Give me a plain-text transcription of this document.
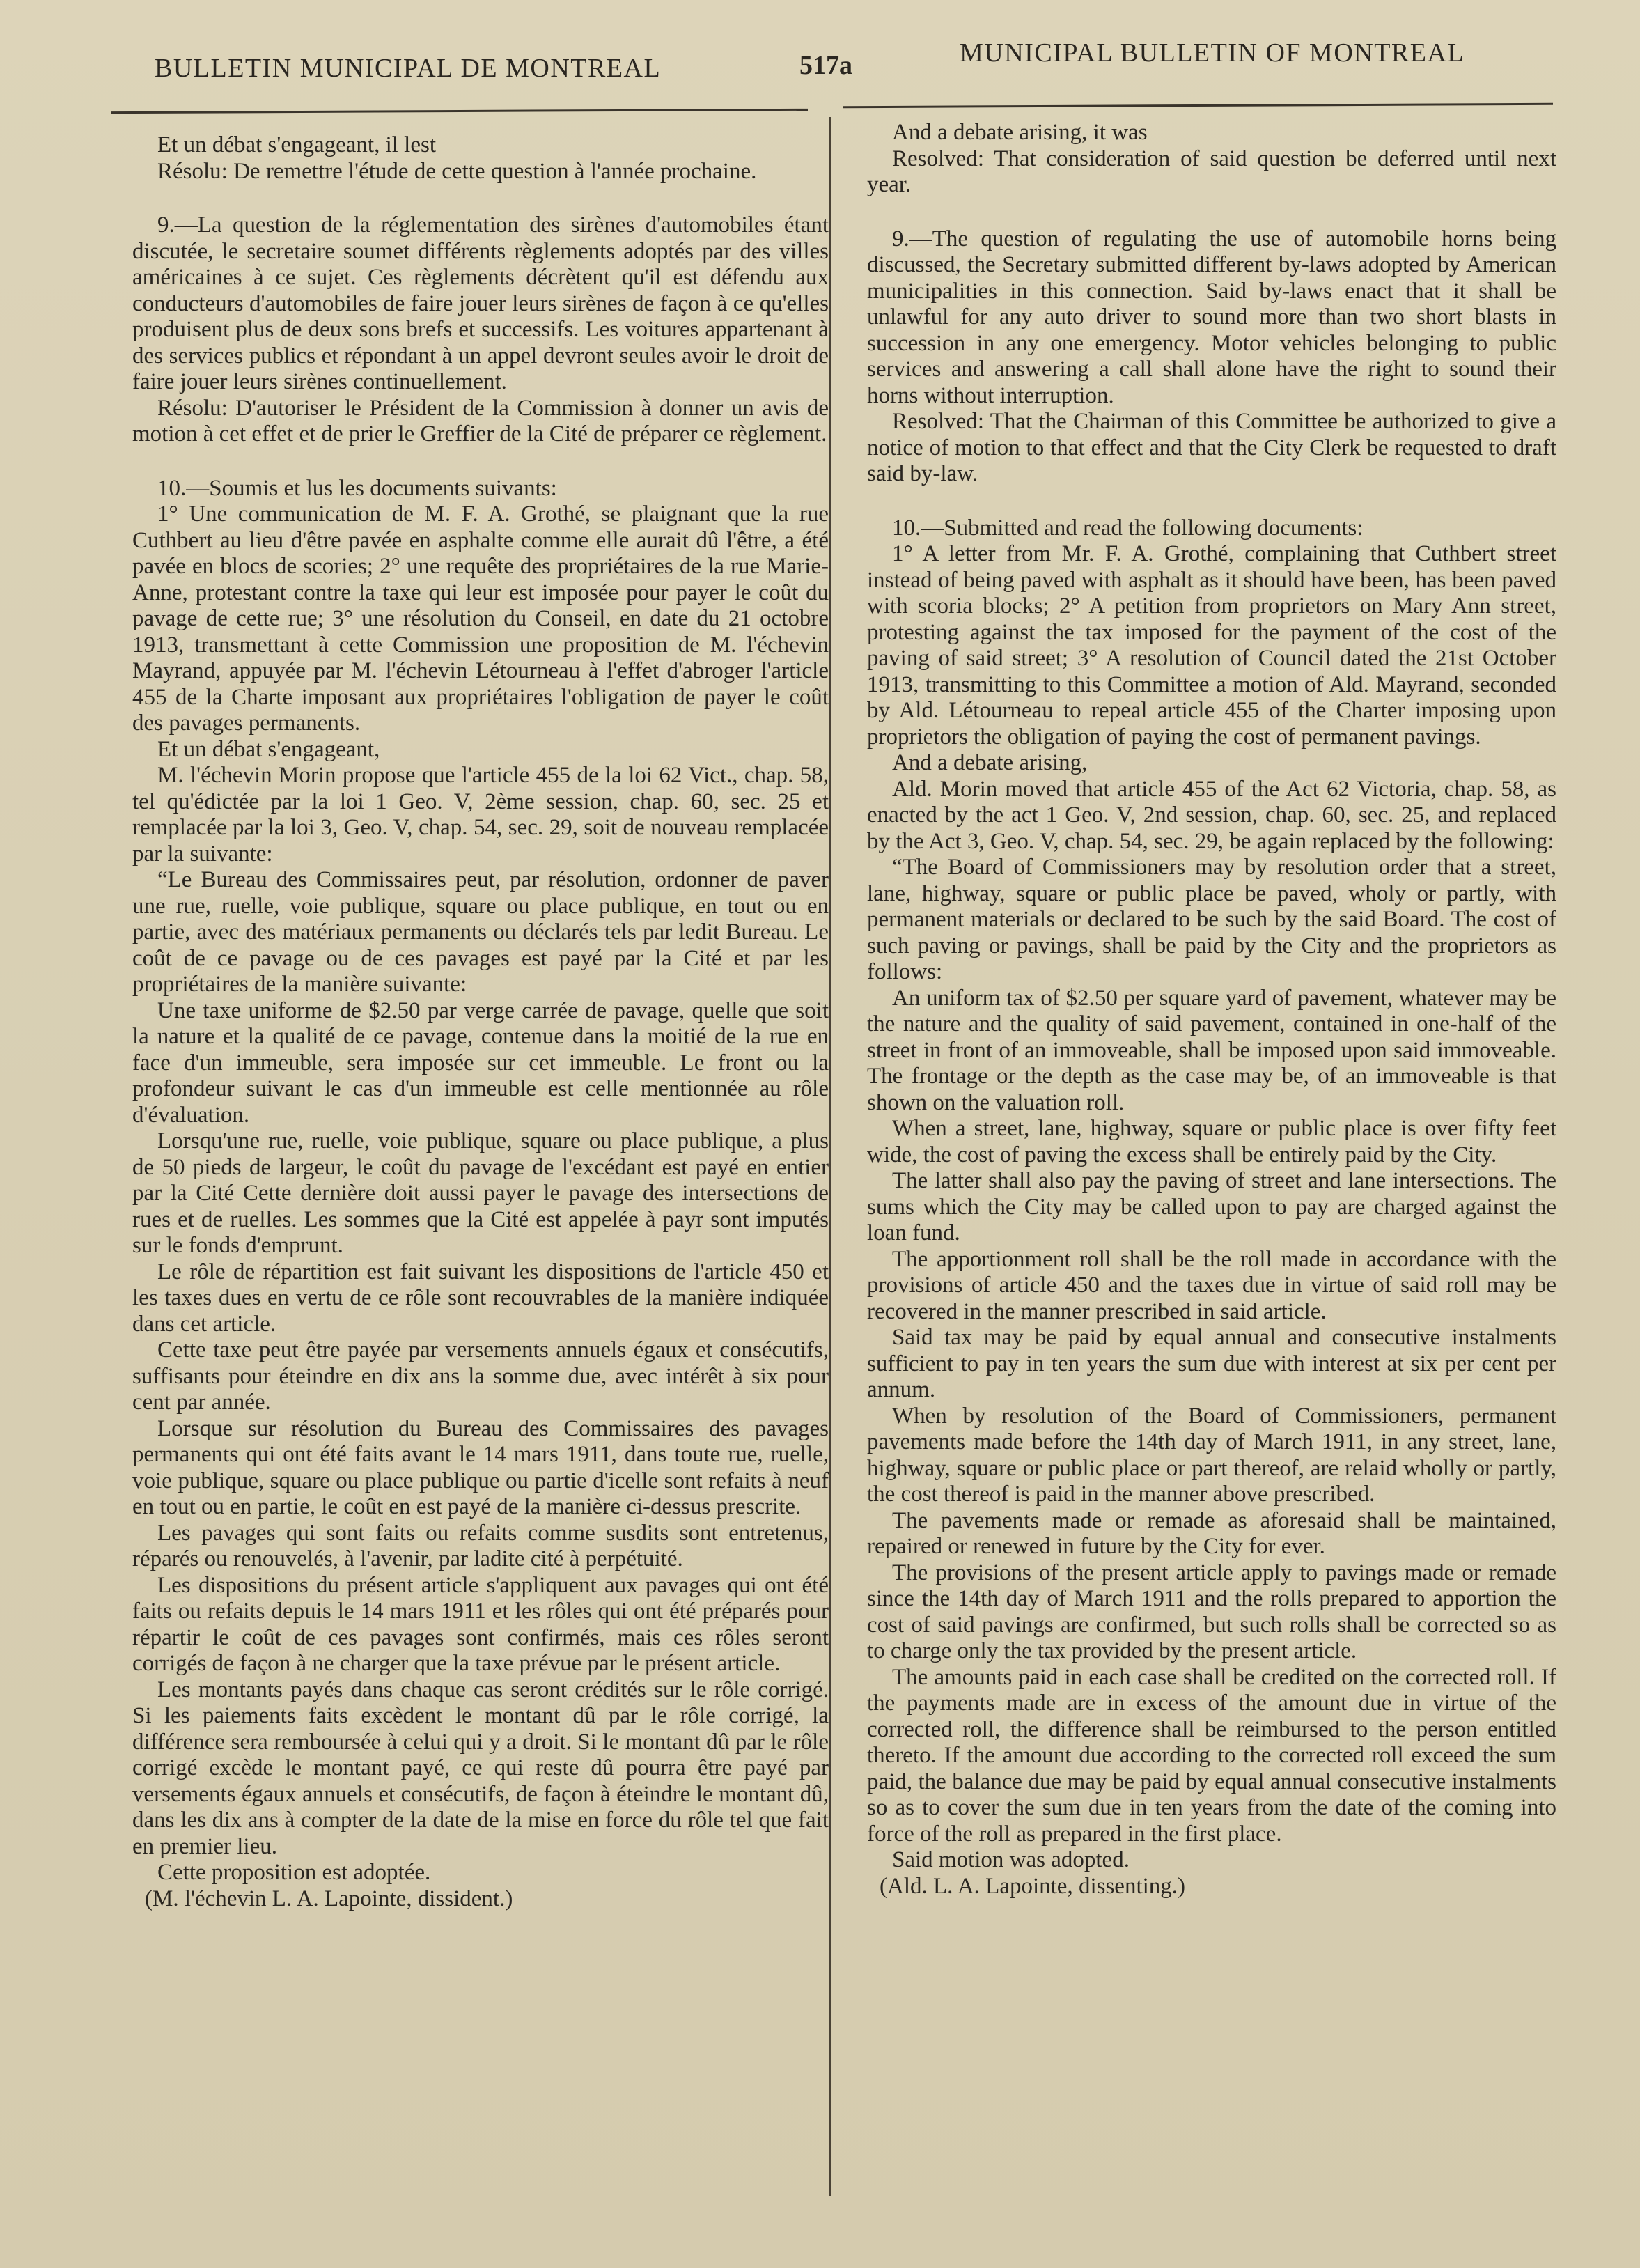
BULLETIN MUNICIPAL DE MONTREAL	517a	MUNICIPAL BULLETIN OF MONTREAL

Et un débat s'engageant, il lest

Résolu: De remettre l'étude de cette question à l'année prochaine.

9.—La question de la réglementation des sirènes d'automobiles étant discutée, le secretaire soumet différents règlements adoptés par des villes américaines à ce sujet. Ces règlements décrètent qu'il est défendu aux conducteurs d'automobiles de faire jouer leurs sirènes de façon à ce qu'elles produisent plus de deux sons brefs et successifs. Les voitures appartenant à des services publics et répondant à un appel devront seules avoir le droit de faire jouer leurs sirènes continuellement.

Résolu: D'autoriser le Président de la Commission à donner un avis de motion à cet effet et de prier le Greffier de la Cité de préparer ce règlement.

10.—Soumis et lus les documents suivants:

1° Une communication de M. F. A. Grothé, se plaignant que la rue Cuthbert au lieu d'être pavée en asphalte comme elle aurait dû l'être, a été pavée en blocs de scories; 2° une requête des propriétaires de la rue Marie-Anne, protestant contre la taxe qui leur est imposée pour payer le coût du pavage de cette rue; 3° une résolution du Conseil, en date du 21 octobre 1913, transmettant à cette Commission une proposition de M. l'échevin Mayrand, appuyée par M. l'échevin Létourneau à l'effet d'abroger l'article 455 de la Charte imposant aux propriétaires l'obligation de payer le coût des pavages permanents.

Et un débat s'engageant,

M. l'échevin Morin propose que l'article 455 de la loi 62 Vict., chap. 58, tel qu'édictée par la loi 1 Geo. V, 2ème session, chap. 60, sec. 25 et remplacée par la loi 3, Geo. V, chap. 54, sec. 29, soit de nouveau remplacée par la suivante:

“Le Bureau des Commissaires peut, par résolution, ordonner de paver une rue, ruelle, voie publique, square ou place publique, en tout ou en partie, avec des matériaux permanents ou déclarés tels par ledit Bureau. Le coût de ce pavage ou de ces pavages est payé par la Cité et par les propriétaires de la manière suivante:

Une taxe uniforme de $2.50 par verge carrée de pavage, quelle que soit la nature et la qualité de ce pavage, contenue dans la moitié de la rue en face d'un immeuble, sera imposée sur cet immeuble. Le front ou la profondeur suivant le cas d'un immeuble est celle mentionnée au rôle d'évaluation.

Lorsqu'une rue, ruelle, voie publique, square ou place publique, a plus de 50 pieds de largeur, le coût du pavage de l'excédant est payé en entier par la Cité Cette dernière doit aussi payer le pavage des intersections de rues et de ruelles. Les sommes que la Cité est appelée à payr sont imputés sur le fonds d'emprunt.

Le rôle de répartition est fait suivant les dispositions de l'article 450 et les taxes dues en vertu de ce rôle sont recouvrables de la manière indiquée dans cet article.

Cette taxe peut être payée par versements annuels égaux et consécutifs, suffisants pour éteindre en dix ans la somme due, avec intérêt à six pour cent par année.

Lorsque sur résolution du Bureau des Commissaires des pavages permanents qui ont été faits avant le 14 mars 1911, dans toute rue, ruelle, voie publique, square ou place publique ou partie d'icelle sont refaits à neuf en tout ou en partie, le coût en est payé de la manière ci-dessus prescrite.

Les pavages qui sont faits ou refaits comme susdits sont entretenus, réparés ou renouvelés, à l'avenir, par ladite cité à perpétuité.

Les dispositions du présent article s'appliquent aux pavages qui ont été faits ou refaits depuis le 14 mars 1911 et les rôles qui ont été préparés pour répartir le coût de ces pavages sont confirmés, mais ces rôles seront corrigés de façon à ne charger que la taxe prévue par le présent article.

Les montants payés dans chaque cas seront crédités sur le rôle corrigé. Si les paiements faits excèdent le montant dû par le rôle corrigé, la différence sera remboursée à celui qui y a droit. Si le montant dû par le rôle corrigé excède le montant payé, ce qui reste dû pourra être payé par versements égaux annuels et consécutifs, de façon à éteindre le montant dû, dans les dix ans à compter de la date de la mise en force du rôle tel que fait en premier lieu.

Cette proposition est adoptée.

(M. l'échevin L. A. Lapointe, dissident.)

And a debate arising, it was

Resolved: That consideration of said question be deferred until next year.

9.—The question of regulating the use of automobile horns being discussed, the Secretary submitted different by-laws adopted by American municipalities in this connection. Said by-laws enact that it shall be unlawful for any auto driver to sound more than two short blasts in succession in any one emergency. Motor vehicles belonging to public services and answering a call shall alone have the right to sound their horns without interruption.

Resolved: That the Chairman of this Committee be authorized to give a notice of motion to that effect and that the City Clerk be requested to draft said by-law.

10.—Submitted and read the following documents:

1° A letter from Mr. F. A. Grothé, complaining that Cuthbert street instead of being paved with asphalt as it should have been, has been paved with scoria blocks; 2° A petition from proprietors on Mary Ann street, protesting against the tax imposed for the payment of the cost of the paving of said street; 3° A resolution of Council dated the 21st October 1913, transmitting to this Committee a motion of Ald. Mayrand, seconded by Ald. Létourneau to repeal article 455 of the Charter imposing upon proprietors the obligation of paying the cost of permanent pavings.

And a debate arising,

Ald. Morin moved that article 455 of the Act 62 Victoria, chap. 58, as enacted by the act 1 Geo. V, 2nd session, chap. 60, sec. 25, and replaced by the Act 3, Geo. V, chap. 54, sec. 29, be again replaced by the following:

“The Board of Commissioners may by resolution order that a street, lane, highway, square or public place be paved, wholy or partly, with permanent materials or declared to be such by the said Board. The cost of such paving or pavings, shall be paid by the City and the proprietors as follows:

An uniform tax of $2.50 per square yard of pavement, whatever may be the nature and the quality of said pavement, contained in one-half of the street in front of an immoveable, shall be imposed upon said immoveable. The frontage or the depth as the case may be, of an immoveable is that shown on the valuation roll.

When a street, lane, highway, square or public place is over fifty feet wide, the cost of paving the excess shall be entirely paid by the City.

The latter shall also pay the paving of street and lane intersections. The sums which the City may be called upon to pay are charged against the loan fund.

The apportionment roll shall be the roll made in accordance with the provisions of article 450 and the taxes due in virtue of said roll may be recovered in the manner prescribed in said article.

Said tax may be paid by equal annual and consecutive instalments sufficient to pay in ten years the sum due with interest at six per cent per annum.

When by resolution of the Board of Commissioners, permanent pavements made before the 14th day of March 1911, in any street, lane, highway, square or public place or part thereof, are relaid wholly or partly, the cost thereof is paid in the manner above prescribed.

The pavements made or remade as aforesaid shall be maintained, repaired or renewed in future by the City for ever.

The provisions of the present article apply to pavings made or remade since the 14th day of March 1911 and the rolls prepared to apportion the cost of said pavings are confirmed, but such rolls shall be corrected so as to charge only the tax provided by the present article.

The amounts paid in each case shall be credited on the corrected roll. If the payments made are in excess of the amount due in virtue of the corrected roll, the difference shall be reimbursed to the person entitled thereto. If the amount due according to the corrected roll exceed the sum paid, the balance due may be paid by equal annual consecutive instalments so as to cover the sum due in ten years from the date of the coming into force of the roll as prepared in the first place.

Said motion was adopted.

(Ald. L. A. Lapointe, dissenting.)
